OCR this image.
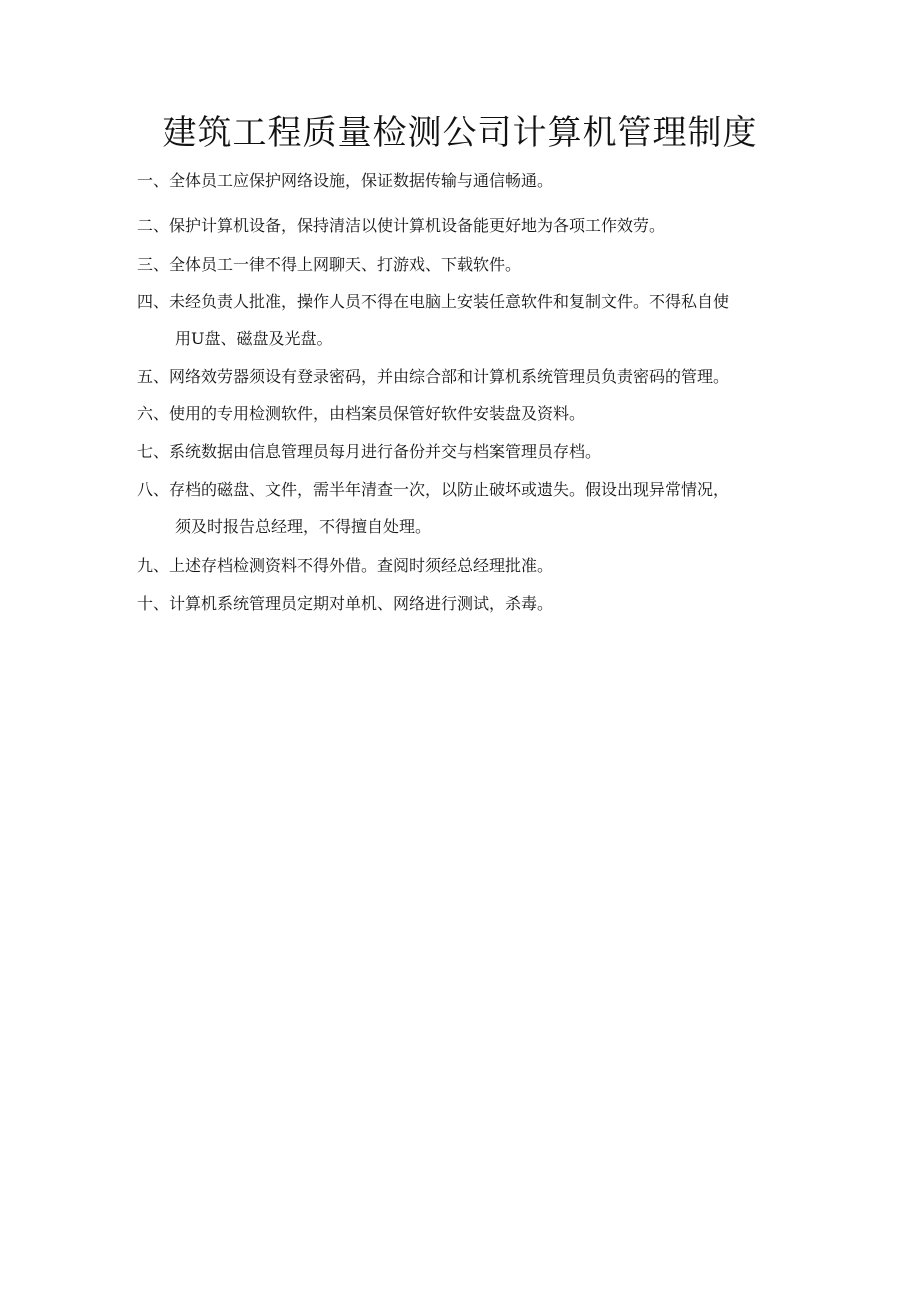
建筑工程质量检测公司计算机管理制度
一、全体员工应保护网络设施，保证数据传输与通信畅通。
二、保护计算机设备，保持清洁以使计算机设备能更好地为各项工作效劳。
三、全体员工一律不得上网聊天、打游戏、下载软件。
四、未经负责人批准，操作人员不得在电脑上安装任意软件和复制文件。不得私自使
用U盘、磁盘及光盘。
五、网络效劳器须设有登录密码，并由综合部和计算机系统管理员负责密码的管理。
六、使用的专用检测软件，由档案员保管好软件安装盘及资料。
七、系统数据由信息管理员每月进行备份并交与档案管理员存档。
八、存档的磁盘、文件，需半年清查一次，以防止破坏或遗失。假设出现异常情况，
须及时报告总经理，不得擅自处理。
九、上述存档检测资料不得外借。查阅时须经总经理批准。
十、计算机系统管理员定期对单机、网络进行测试，杀毒。
